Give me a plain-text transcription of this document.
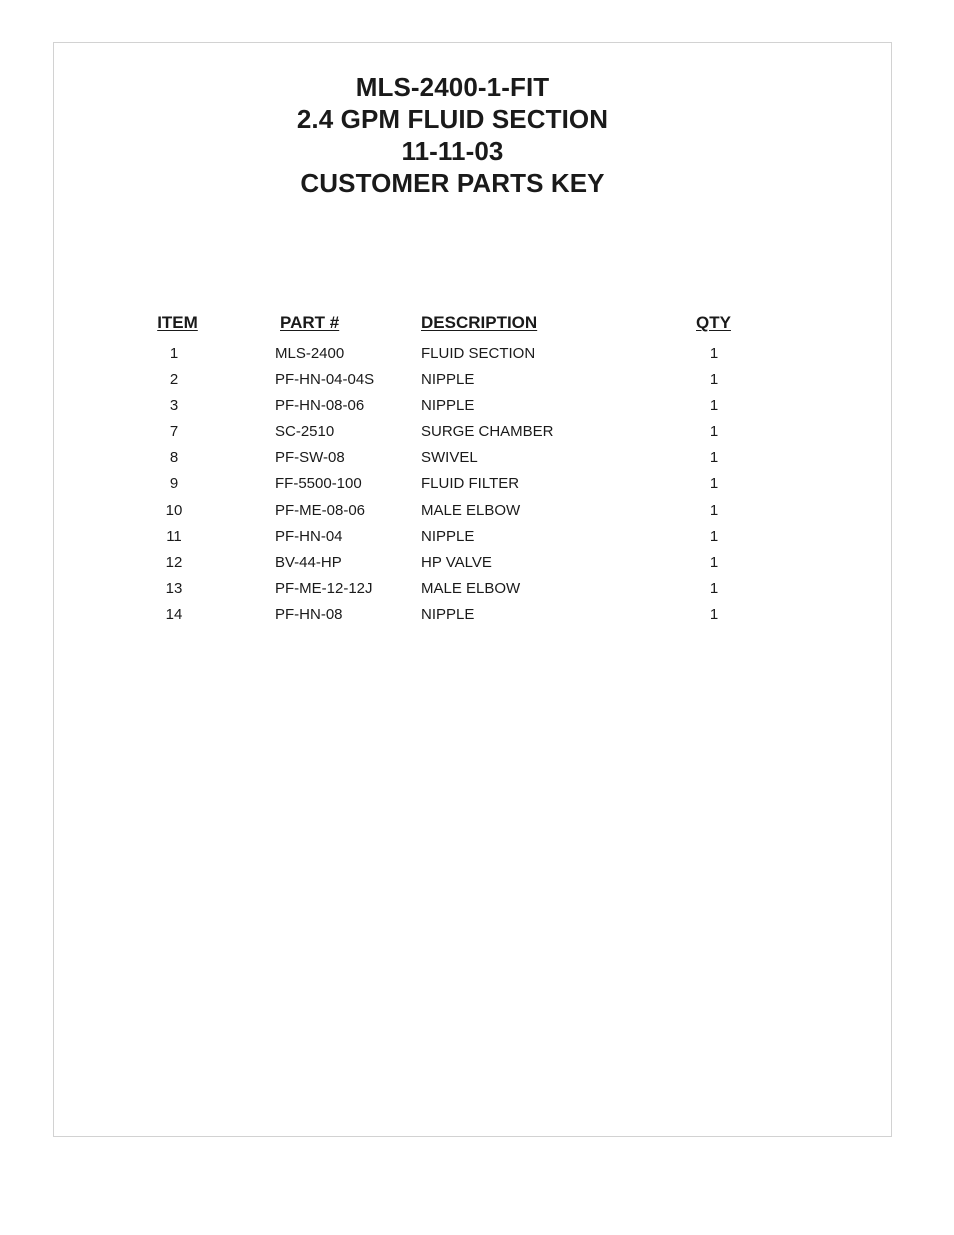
MLS-2400-1-FIT
2.4 GPM FLUID SECTION
11-11-03
CUSTOMER PARTS KEY
ITEM	PART #	DESCRIPTION	QTY
1	MLS-2400	FLUID SECTION	1
2	PF-HN-04-04S	NIPPLE	1
3	PF-HN-08-06	NIPPLE	1
7	SC-2510	SURGE CHAMBER	1
8	PF-SW-08	SWIVEL	1
9	FF-5500-100	FLUID FILTER	1
10	PF-ME-08-06	MALE ELBOW	1
11	PF-HN-04	NIPPLE	1
12	BV-44-HP	HP VALVE	1
13	PF-ME-12-12J	MALE ELBOW	1
14	PF-HN-08	NIPPLE	1
